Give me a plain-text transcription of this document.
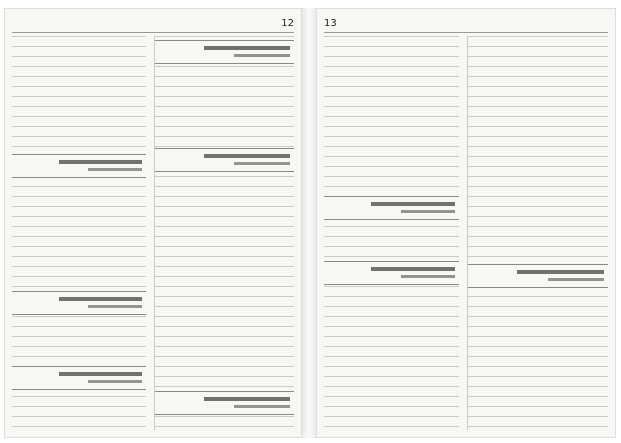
12	13
